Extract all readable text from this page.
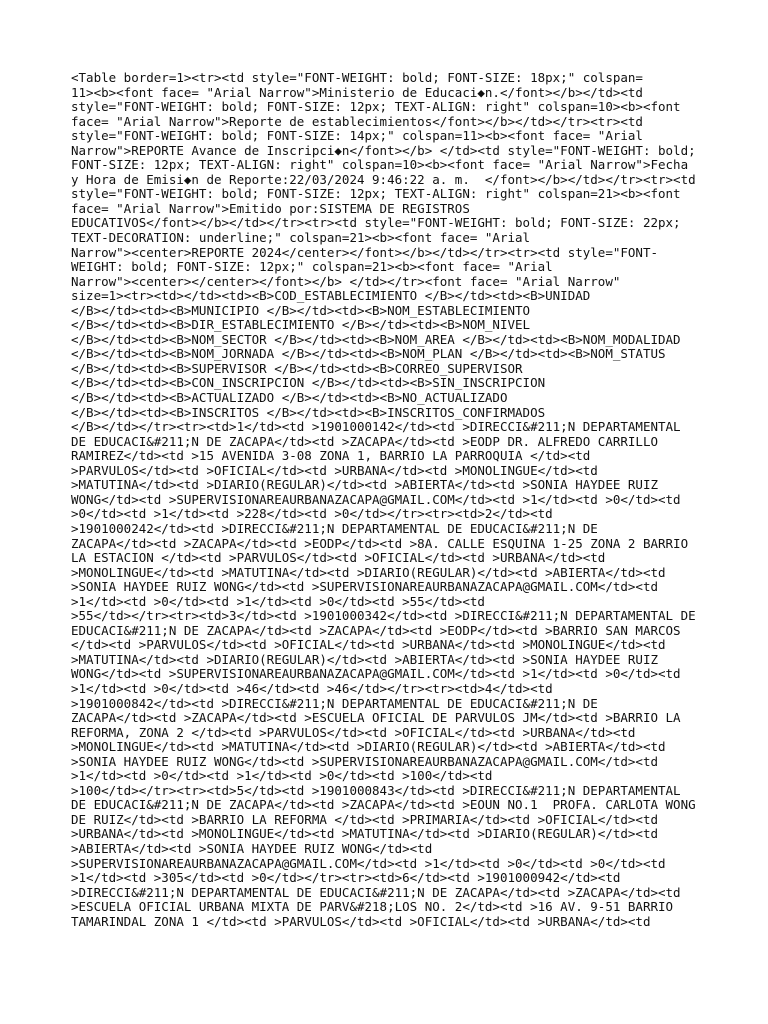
<Table border=1><tr><td style="FONT-WEIGHT: bold; FONT-SIZE: 18px;" colspan=
11><b><font face= "Arial Narrow">Ministerio de Educaci◆n.</font></b></td><td
style="FONT-WEIGHT: bold; FONT-SIZE: 12px; TEXT-ALIGN: right" colspan=10><b><font
face= "Arial Narrow">Reporte de establecimientos</font></b></td></tr><tr><td
style="FONT-WEIGHT: bold; FONT-SIZE: 14px;" colspan=11><b><font face= "Arial
Narrow">REPORTE Avance de Inscripci◆n</font></b> </td><td style="FONT-WEIGHT: bold;
FONT-SIZE: 12px; TEXT-ALIGN: right" colspan=10><b><font face= "Arial Narrow">Fecha
y Hora de Emisi◆n de Reporte:22/03/2024 9:46:22 a. m.  </font></b></td></tr><tr><td
style="FONT-WEIGHT: bold; FONT-SIZE: 12px; TEXT-ALIGN: right" colspan=21><b><font
face= "Arial Narrow">Emitido por:SISTEMA DE REGISTROS
EDUCATIVOS</font></b></td></tr><tr><td style="FONT-WEIGHT: bold; FONT-SIZE: 22px;
TEXT-DECORATION: underline;" colspan=21><b><font face= "Arial
Narrow"><center>REPORTE 2024</center></font></b></td></tr><tr><td style="FONT-
WEIGHT: bold; FONT-SIZE: 12px;" colspan=21><b><font face= "Arial
Narrow"><center></center></font></b> </td></tr><font face= "Arial Narrow"
size=1><tr><td></td><td><B>COD_ESTABLECIMIENTO </B></td><td><B>UNIDAD
</B></td><td><B>MUNICIPIO </B></td><td><B>NOM_ESTABLECIMIENTO
</B></td><td><B>DIR_ESTABLECIMIENTO </B></td><td><B>NOM_NIVEL
</B></td><td><B>NOM_SECTOR </B></td><td><B>NOM_AREA </B></td><td><B>NOM_MODALIDAD
</B></td><td><B>NOM_JORNADA </B></td><td><B>NOM_PLAN </B></td><td><B>NOM_STATUS
</B></td><td><B>SUPERVISOR </B></td><td><B>CORREO_SUPERVISOR
</B></td><td><B>CON_INSCRIPCION </B></td><td><B>SIN_INSCRIPCION
</B></td><td><B>ACTUALIZADO </B></td><td><B>NO_ACTUALIZADO
</B></td><td><B>INSCRITOS </B></td><td><B>INSCRITOS_CONFIRMADOS
</B></td></tr><tr><td>1</td><td >1901000142</td><td >DIRECCI&#211;N DEPARTAMENTAL
DE EDUCACI&#211;N DE ZACAPA</td><td >ZACAPA</td><td >EODP DR. ALFREDO CARRILLO
RAMIREZ</td><td >15 AVENIDA 3-08 ZONA 1, BARRIO LA PARROQUIA </td><td
>PARVULOS</td><td >OFICIAL</td><td >URBANA</td><td >MONOLINGUE</td><td
>MATUTINA</td><td >DIARIO(REGULAR)</td><td >ABIERTA</td><td >SONIA HAYDEE RUIZ
WONG</td><td >SUPERVISIONAREAURBANAZACAPA@GMAIL.COM</td><td >1</td><td >0</td><td
>0</td><td >1</td><td >228</td><td >0</td></tr><tr><td>2</td><td
>1901000242</td><td >DIRECCI&#211;N DEPARTAMENTAL DE EDUCACI&#211;N DE
ZACAPA</td><td >ZACAPA</td><td >EODP</td><td >8A. CALLE ESQUINA 1-25 ZONA 2 BARRIO
LA ESTACION </td><td >PARVULOS</td><td >OFICIAL</td><td >URBANA</td><td
>MONOLINGUE</td><td >MATUTINA</td><td >DIARIO(REGULAR)</td><td >ABIERTA</td><td
>SONIA HAYDEE RUIZ WONG</td><td >SUPERVISIONAREAURBANAZACAPA@GMAIL.COM</td><td
>1</td><td >0</td><td >1</td><td >0</td><td >55</td><td
>55</td></tr><tr><td>3</td><td >1901000342</td><td >DIRECCI&#211;N DEPARTAMENTAL DE
EDUCACI&#211;N DE ZACAPA</td><td >ZACAPA</td><td >EODP</td><td >BARRIO SAN MARCOS
</td><td >PARVULOS</td><td >OFICIAL</td><td >URBANA</td><td >MONOLINGUE</td><td
>MATUTINA</td><td >DIARIO(REGULAR)</td><td >ABIERTA</td><td >SONIA HAYDEE RUIZ
WONG</td><td >SUPERVISIONAREAURBANAZACAPA@GMAIL.COM</td><td >1</td><td >0</td><td
>1</td><td >0</td><td >46</td><td >46</td></tr><tr><td>4</td><td
>1901000842</td><td >DIRECCI&#211;N DEPARTAMENTAL DE EDUCACI&#211;N DE
ZACAPA</td><td >ZACAPA</td><td >ESCUELA OFICIAL DE PARVULOS JM</td><td >BARRIO LA
REFORMA, ZONA 2 </td><td >PARVULOS</td><td >OFICIAL</td><td >URBANA</td><td
>MONOLINGUE</td><td >MATUTINA</td><td >DIARIO(REGULAR)</td><td >ABIERTA</td><td
>SONIA HAYDEE RUIZ WONG</td><td >SUPERVISIONAREAURBANAZACAPA@GMAIL.COM</td><td
>1</td><td >0</td><td >1</td><td >0</td><td >100</td><td
>100</td></tr><tr><td>5</td><td >1901000843</td><td >DIRECCI&#211;N DEPARTAMENTAL
DE EDUCACI&#211;N DE ZACAPA</td><td >ZACAPA</td><td >EOUN NO.1  PROFA. CARLOTA WONG
DE RUIZ</td><td >BARRIO LA REFORMA </td><td >PRIMARIA</td><td >OFICIAL</td><td
>URBANA</td><td >MONOLINGUE</td><td >MATUTINA</td><td >DIARIO(REGULAR)</td><td
>ABIERTA</td><td >SONIA HAYDEE RUIZ WONG</td><td
>SUPERVISIONAREAURBANAZACAPA@GMAIL.COM</td><td >1</td><td >0</td><td >0</td><td
>1</td><td >305</td><td >0</td></tr><tr><td>6</td><td >1901000942</td><td
>DIRECCI&#211;N DEPARTAMENTAL DE EDUCACI&#211;N DE ZACAPA</td><td >ZACAPA</td><td
>ESCUELA OFICIAL URBANA MIXTA DE PARV&#218;LOS NO. 2</td><td >16 AV. 9-51 BARRIO
TAMARINDAL ZONA 1 </td><td >PARVULOS</td><td >OFICIAL</td><td >URBANA</td><td
